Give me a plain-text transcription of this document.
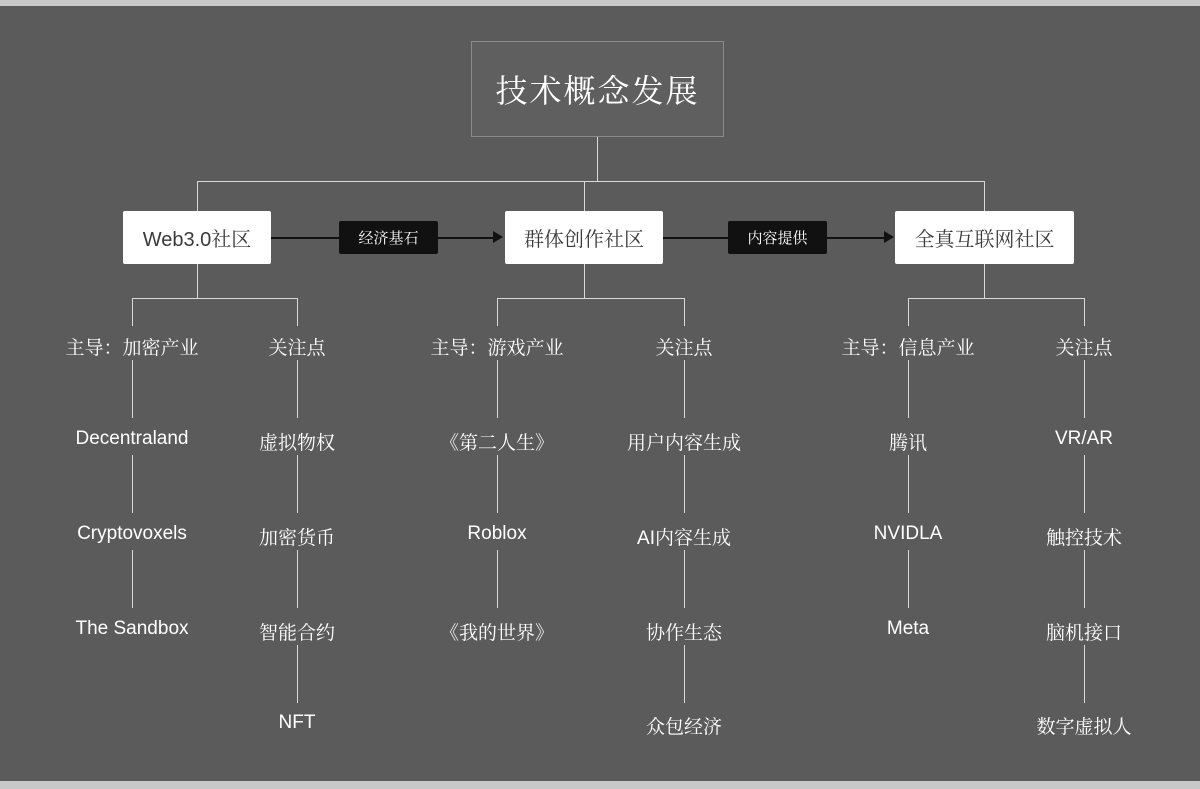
技术概念发展
Web3.0社区	群体创作社区	全真互联网社区
经济基石	内容提供
主导：加密产业
Decentraland
Cryptovoxels
The Sandbox
关注点
虚拟物权
加密货币
智能合约
NFT
主导：游戏产业
《第二人生》
Roblox
《我的世界》
关注点
用户内容生成
AI内容生成
协作生态
众包经济
主导：信息产业
腾讯
NVIDLA
Meta
关注点
VR/AR
触控技术
脑机接口
数字虚拟人
